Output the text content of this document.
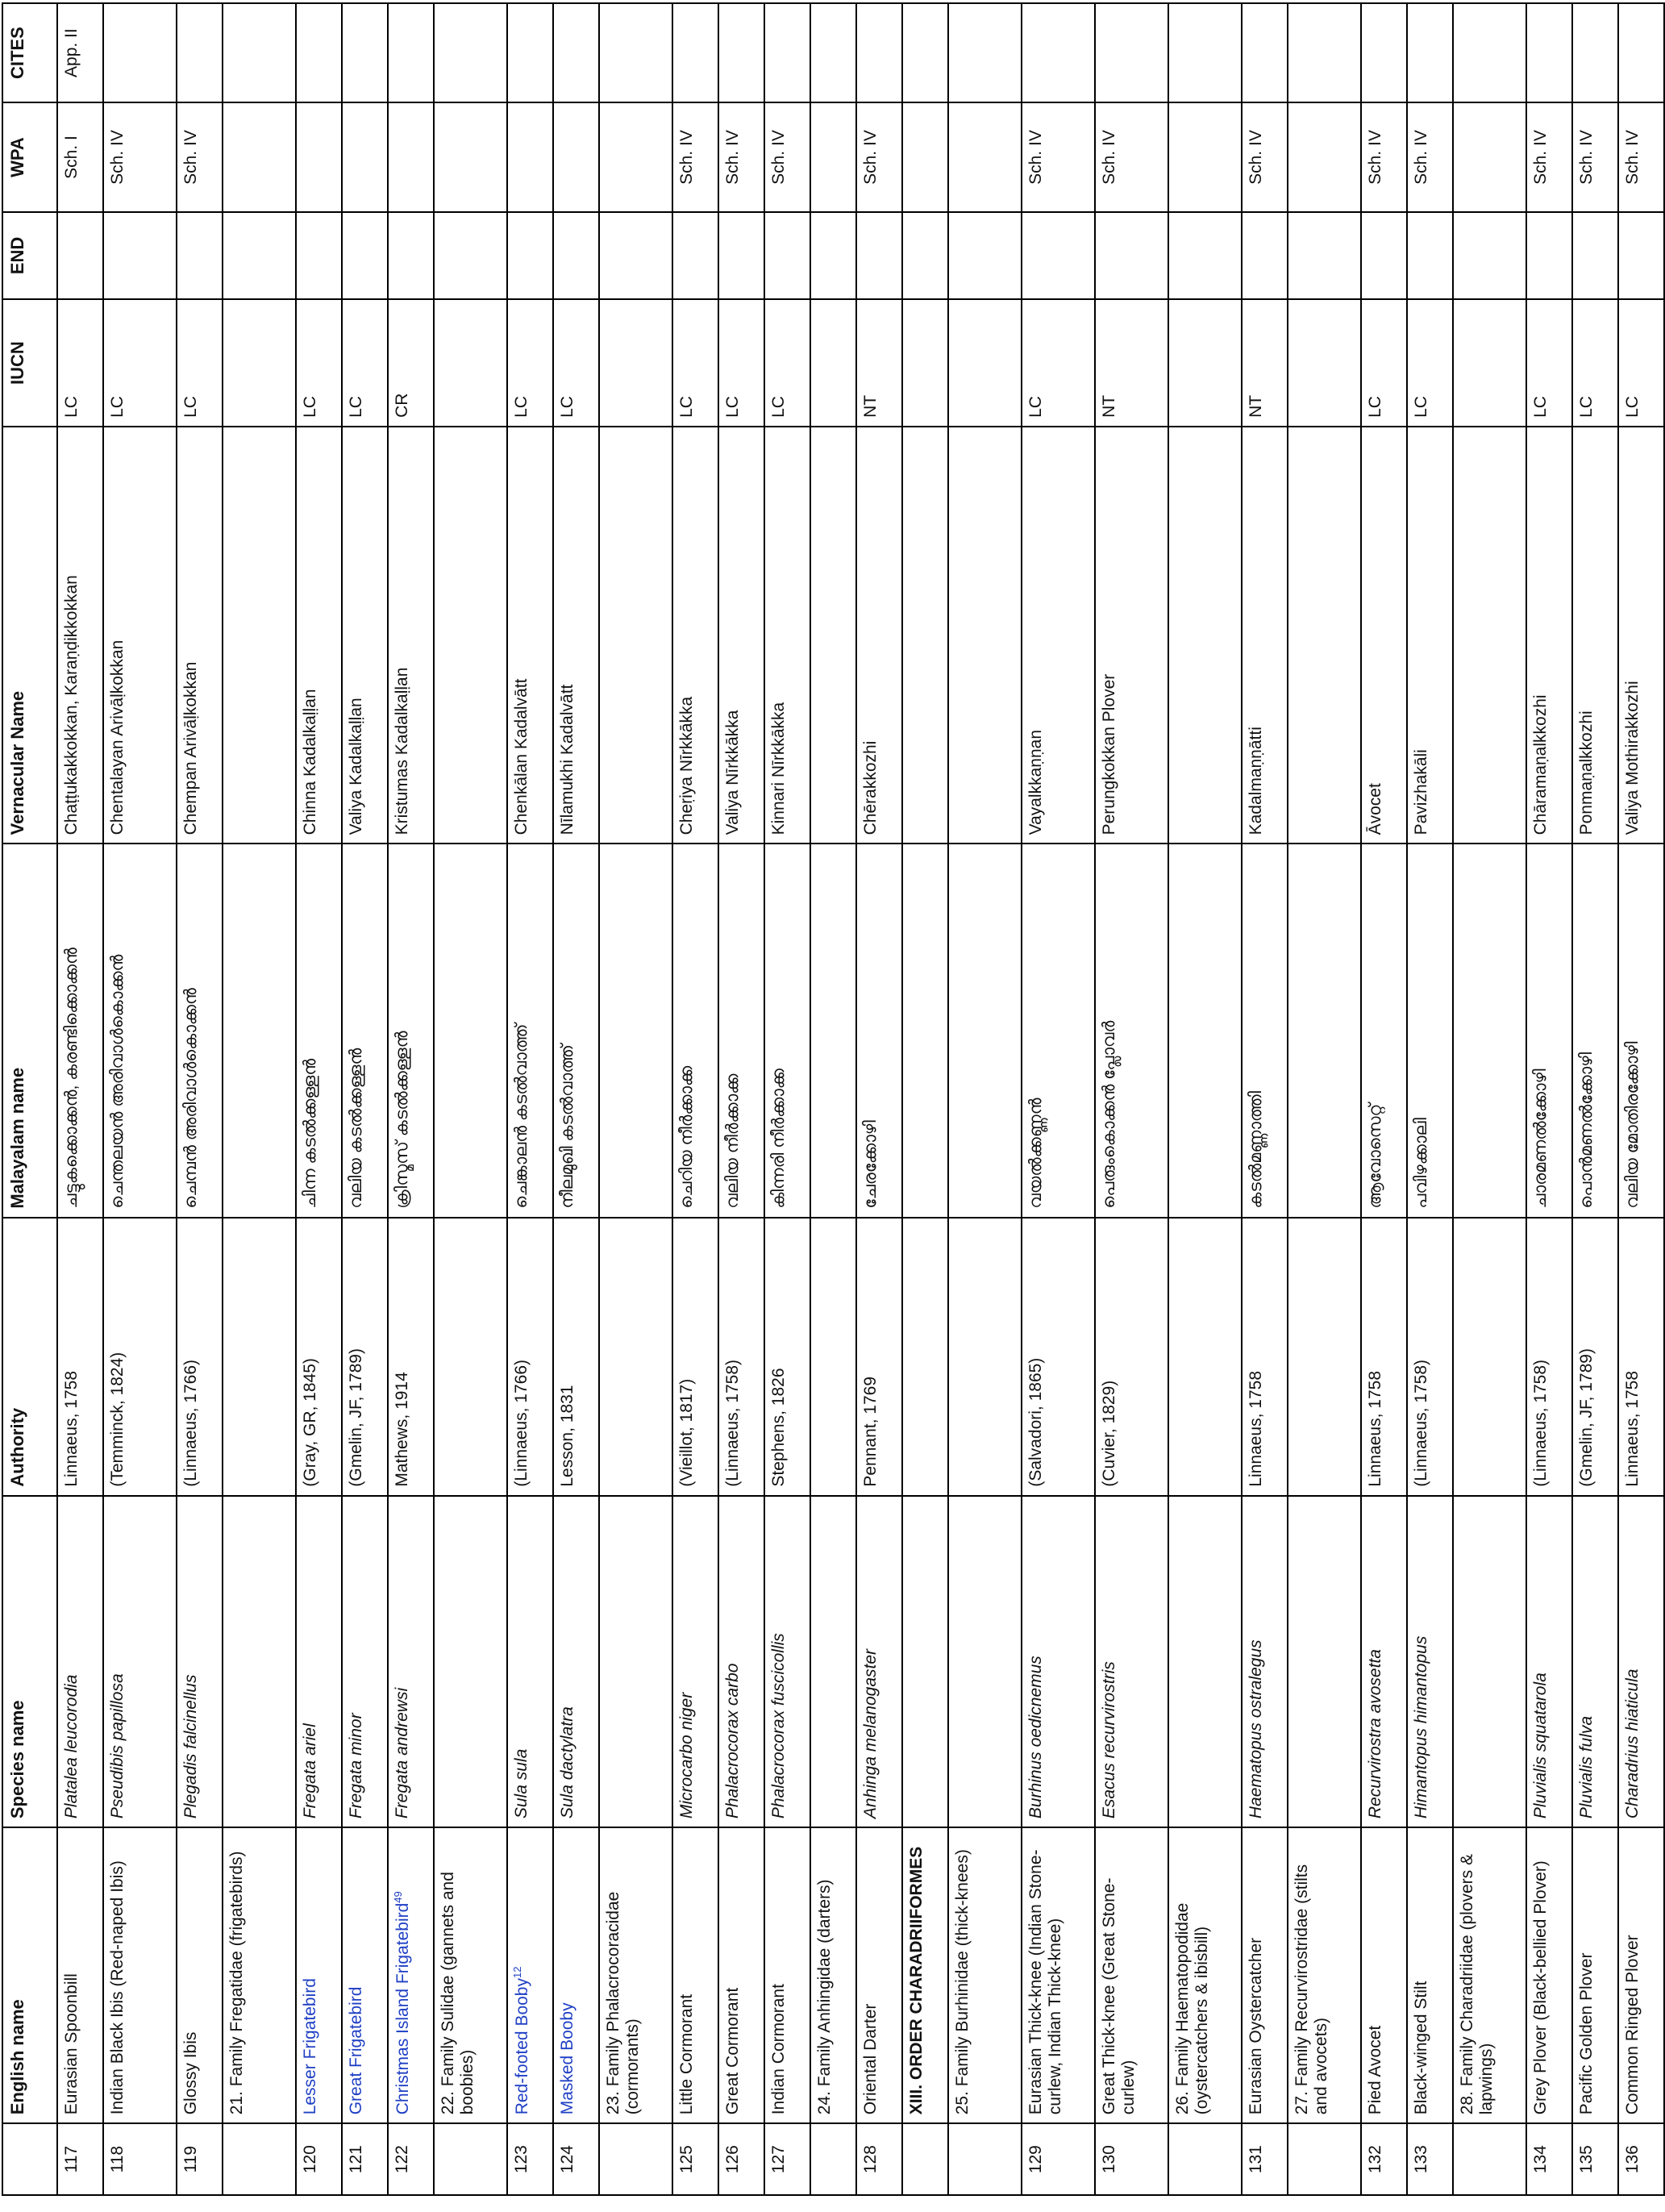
	English name	Species name	Authority	Malayalam name	Vernacular Name	IUCN	END	WPA	CITES
117	Eurasian Spoonbill	Platalea leucorodia	Linnaeus, 1758	ചട്ടുകക്കൊക്കൻ, കരണ്ടിക്കൊക്കൻ	Chaṭṭukakkokkan, Karaṇḍikkokkan	LC		Sch. I	App. II
118	Indian Black Ibis (Red-naped Ibis)	Pseudibis papillosa	(Temminck, 1824)	ചെന്തലയൻ അരിവാൾകൊക്കൻ	Chentalayan Arivāḷkokkan	LC		Sch. IV	
119	Glossy Ibis	Plegadis falcinellus	(Linnaeus, 1766)	ചെമ്പൻ അരിവാൾകൊക്കൻ	Chempan Arivāḷkokkan	LC		Sch. IV	
	21. Family Fregatidae (frigatebirds)								
120	Lesser Frigatebird	Fregata ariel	(Gray, GR, 1845)	ചിന്ന കടൽക്കള്ളൻ	Chinna Kadalkaḷḷan	LC			
121	Great Frigatebird	Fregata minor	(Gmelin, JF, 1789)	വലിയ കടൽക്കള്ളൻ	Valiya Kadalkaḷḷan	LC			
122	Christmas Island Frigatebird$^{49}$	Fregata andrewsi	Mathews, 1914	ക്രിസ്മസ് കടൽക്കള്ളൻ	Kristumas Kadalkaḷḷan	CR			
	22. Family Sulidae (gannets and boobies)								
123	Red-footed Booby$^{12}$	Sula sula	(Linnaeus, 1766)	ചെങ്കാലൻ കടൽവാത്ത്	Chenkālan Kadalvātt	LC			
124	Masked Booby	Sula dactylatra	Lesson, 1831	നീലമുഖി കടൽവാത്ത്	Nīlamukhi Kadalvātt	LC			
	23. Family Phalacrocoracidae (cormorants)								
125	Little Cormorant	Microcarbo niger	(Vieillot, 1817)	ചെറിയ നീർക്കാക്ക	Cheṛiya Nīrkkākka	LC		Sch. IV	
126	Great Cormorant	Phalacrocorax carbo	(Linnaeus, 1758)	വലിയ നീർക്കാക്ക	Valiya Nīrkkākka	LC		Sch. IV	
127	Indian Cormorant	Phalacrocorax fuscicollis	Stephens, 1826	കിന്നരി നീർക്കാക്ക	Kinnari Nīrkkākka	LC		Sch. IV	
	24. Family Anhingidae (darters)								
128	Oriental Darter	Anhinga melanogaster	Pennant, 1769	ചേരക്കോഴി	Chērakkozhi	NT		Sch. IV	
	XIII. ORDER CHARADRIIFORMES								
	25. Family Burhinidae (thick-knees)								
129	Eurasian Thick-knee (Indian Stone-curlew, Indian Thick-knee)	Burhinus oedicnemus	(Salvadori, 1865)	വയൽക്കണ്ണൻ	Vayalkkaṇṇan	LC		Sch. IV	
130	Great Thick-knee (Great Stone-curlew)	Esacus recurvirostris	(Cuvier, 1829)	പെരുംകൊക്കൻ പ്ലോവർ	Perungkokkan Plover	NT		Sch. IV	
	26. Family Haematopodidae (oystercatchers & ibisbill)								
131	Eurasian Oystercatcher	Haematopus ostralegus	Linnaeus, 1758	കടൽമണ്ണാത്തി	Kadalmaṇṇātti	NT		Sch. IV	
	27. Family Recurvirostridae (stilts and avocets)								
132	Pied Avocet	Recurvirostra avosetta	Linnaeus, 1758	ആവോസെറ്റ്	Āvocet	LC		Sch. IV	
133	Black-winged Stilt	Himantopus himantopus	(Linnaeus, 1758)	പവിഴക്കാലി	Pavizhakāli	LC		Sch. IV	
	28. Family Charadriidae (plovers & lapwings)								
134	Grey Plover (Black-bellied Plover)	Pluvialis squatarola	(Linnaeus, 1758)	ചാരമണൽക്കോഴി	Chāramaṇalkkozhi	LC		Sch. IV	
135	Pacific Golden Plover	Pluvialis fulva	(Gmelin, JF, 1789)	പൊൻമണൽക്കോഴി	Ponmaṇalkkozhi	LC		Sch. IV	
136	Common Ringed Plover	Charadrius hiaticula	Linnaeus, 1758	വലിയ മോതിരക്കോഴി	Valiya Mothirakkozhi	LC		Sch. IV	
